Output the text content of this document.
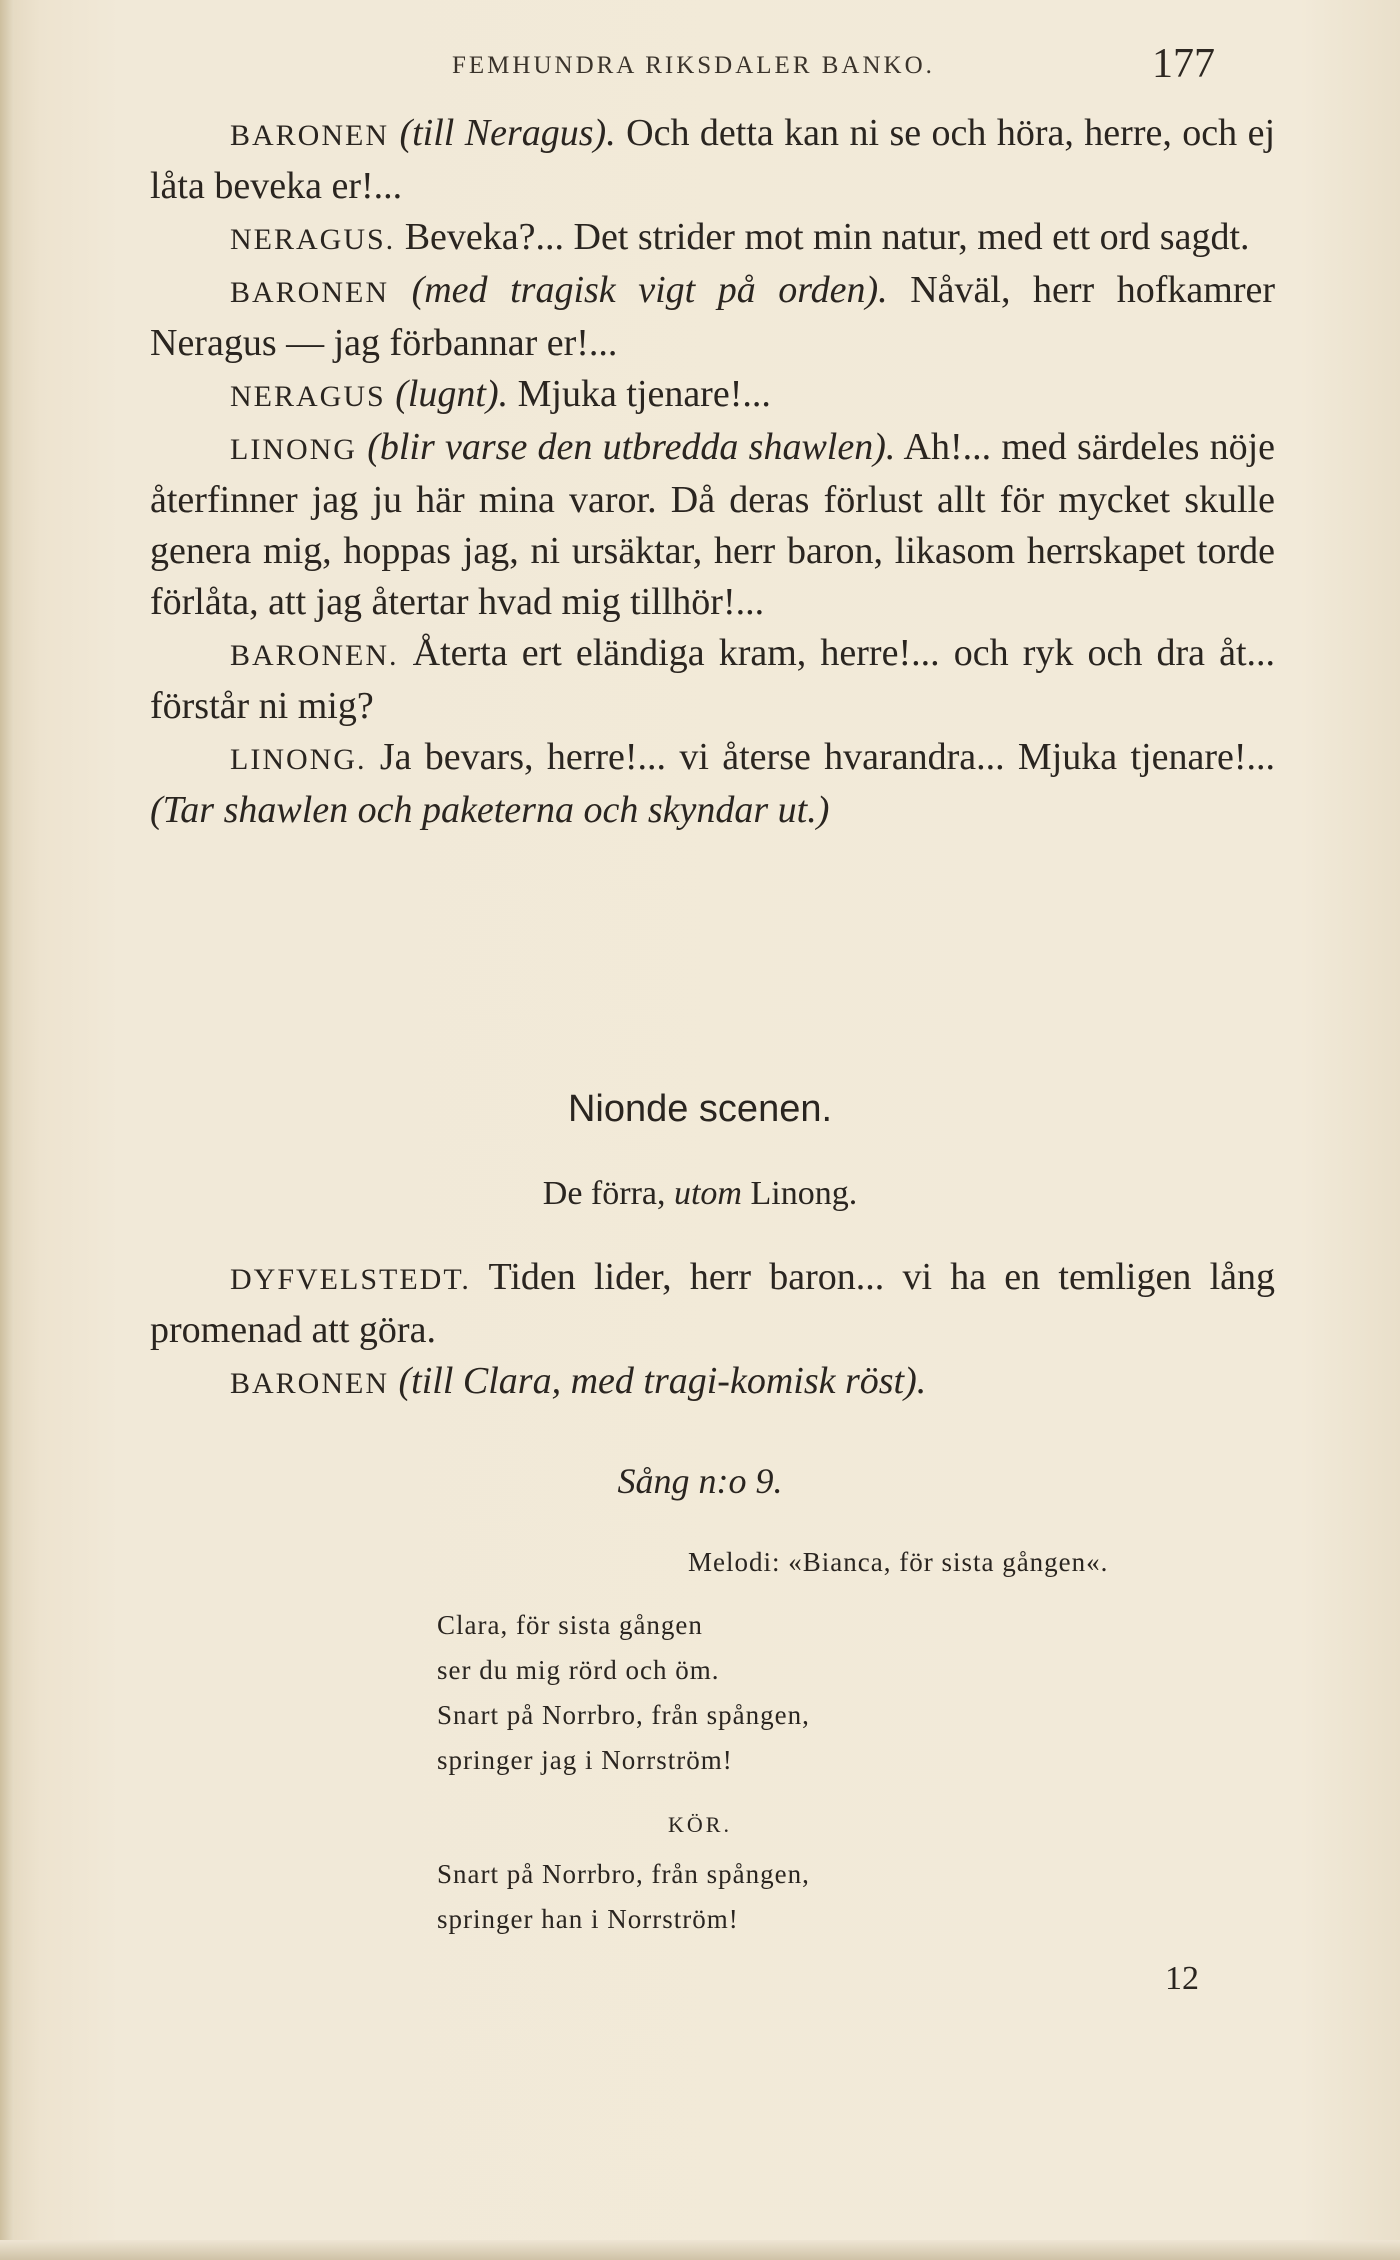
FEMHUNDRA RIKSDALER BANKO.	177

BARONEN (till Neragus). Och detta kan ni se och höra, herre, och ej låta beveka er!...

NERAGUS. Beveka?... Det strider mot min natur, med ett ord sagdt.

BARONEN (med tragisk vigt på orden). Nåväl, herr hofkamrer Neragus — jag förbannar er!...

NERAGUS (lugnt). Mjuka tjenare!...

LINONG (blir varse den utbredda shawlen). Ah!... med särdeles nöje återfinner jag ju här mina varor. Då deras förlust allt för mycket skulle genera mig, hoppas jag, ni ursäktar, herr baron, likasom herrskapet torde förlåta, att jag återtar hvad mig tillhör!...

BARONEN. Återta ert eländiga kram, herre!... och ryk och dra åt... förstår ni mig?

LINONG. Ja bevars, herre!... vi återse hvarandra... Mjuka tjenare!... (Tar shawlen och paketerna och skyndar ut.)

Nionde scenen.
De förra, utom Linong.

DYFVELSTEDT. Tiden lider, herr baron... vi ha en temligen lång promenad att göra.

BARONEN (till Clara, med tragi-komisk röst).

Sång n:o 9.
Melodi: «Bianca, för sista gången«.
Clara, för sista gången
ser du mig rörd och öm.
Snart på Norrbro, från spången,
springer jag i Norrström!
KÖR.
Snart på Norrbro, från spången,
springer han i Norrström!
12
